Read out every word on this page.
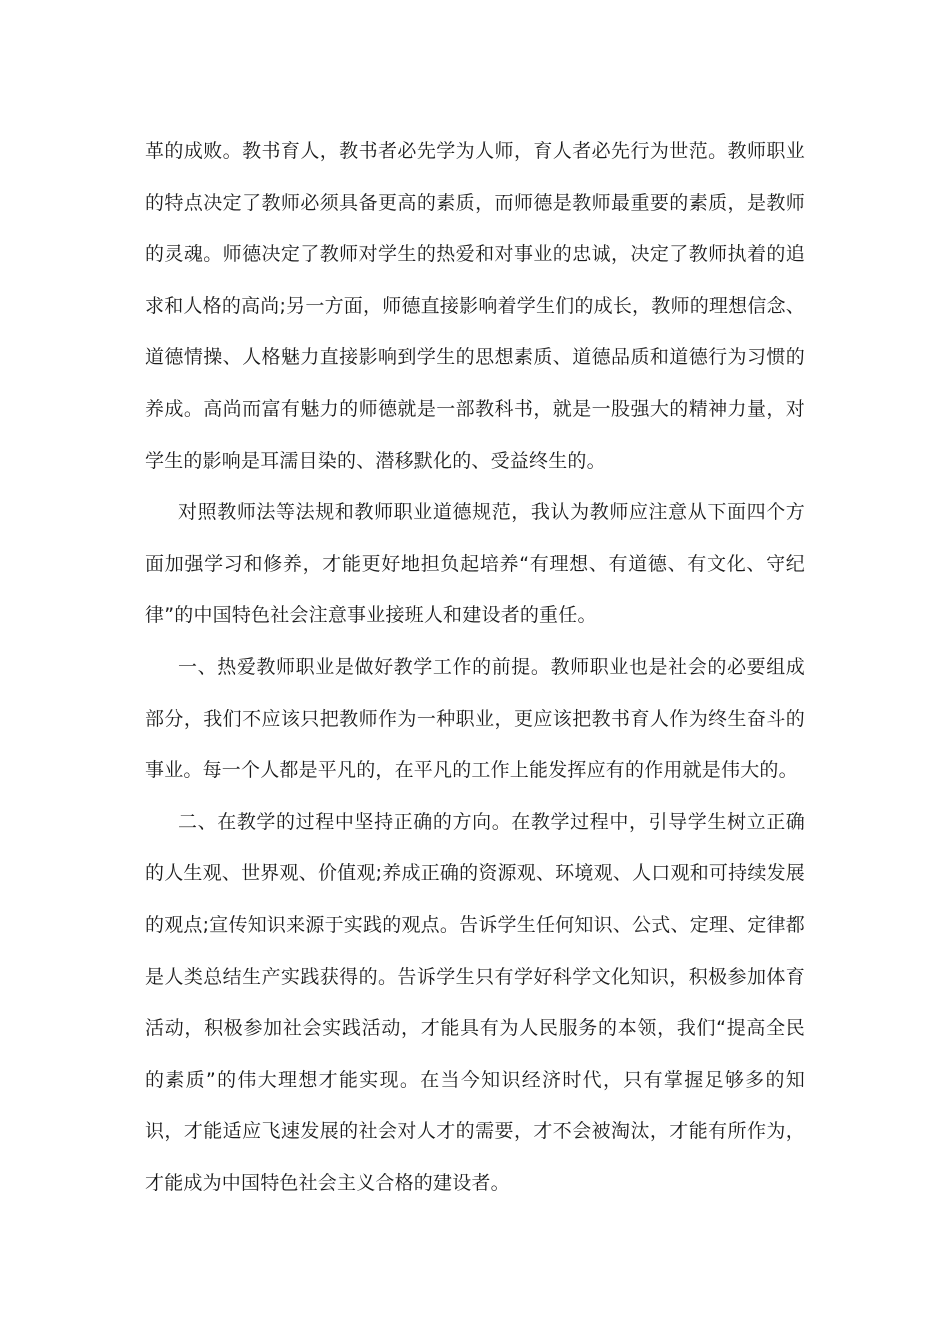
革的成败。教书育人，教书者必先学为人师，育人者必先行为世范。教师职业的特点决定了教师必须具备更高的素质，而师德是教师最重要的素质，是教师的灵魂。师德决定了教师对学生的热爱和对事业的忠诚，决定了教师执着的追求和人格的高尚;另一方面，师德直接影响着学生们的成长，教师的理想信念、道德情操、人格魅力直接影响到学生的思想素质、道德品质和道德行为习惯的养成。高尚而富有魅力的师德就是一部教科书，就是一股强大的精神力量，对学生的影响是耳濡目染的、潜移默化的、受益终生的。

对照教师法等法规和教师职业道德规范，我认为教师应注意从下面四个方面加强学习和修养，才能更好地担负起培养“有理想、有道德、有文化、守纪律”的中国特色社会注意事业接班人和建设者的重任。

一、热爱教师职业是做好教学工作的前提。教师职业也是社会的必要组成部分，我们不应该只把教师作为一种职业，更应该把教书育人作为终生奋斗的事业。每一个人都是平凡的，在平凡的工作上能发挥应有的作用就是伟大的。

二、在教学的过程中坚持正确的方向。在教学过程中，引导学生树立正确的人生观、世界观、价值观;养成正确的资源观、环境观、人口观和可持续发展的观点;宣传知识来源于实践的观点。告诉学生任何知识、公式、定理、定律都是人类总结生产实践获得的。告诉学生只有学好科学文化知识，积极参加体育活动，积极参加社会实践活动，才能具有为人民服务的本领，我们“提高全民的素质”的伟大理想才能实现。在当今知识经济时代，只有掌握足够多的知识，才能适应飞速发展的社会对人才的需要，才不会被淘汰，才能有所作为，才能成为中国特色社会主义合格的建设者。
